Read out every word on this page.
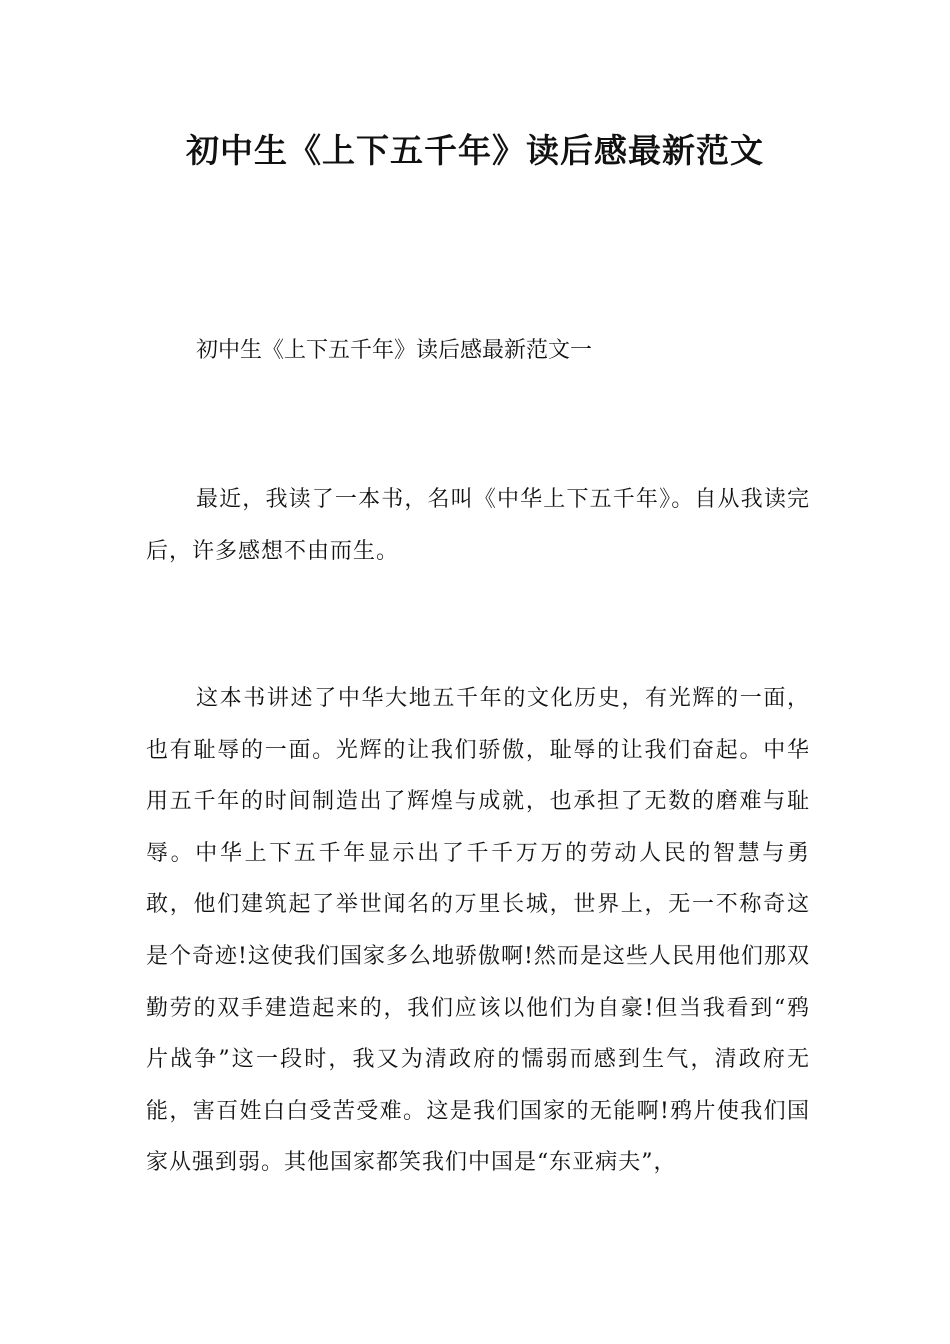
初中生《上下五千年》读后感最新范文

初中生《上下五千年》读后感最新范文一

最近，我读了一本书，名叫《中华上下五千年》。自从我读完后，许多感想不由而生。

这本书讲述了中华大地五千年的文化历史，有光辉的一面，也有耻辱的一面。光辉的让我们骄傲，耻辱的让我们奋起。中华用五千年的时间制造出了辉煌与成就，也承担了无数的磨难与耻辱。中华上下五千年显示出了千千万万的劳动人民的智慧与勇敢，他们建筑起了举世闻名的万里长城，世界上，无一不称奇这是个奇迹!这使我们国家多么地骄傲啊!然而是这些人民用他们那双勤劳的双手建造起来的，我们应该以他们为自豪!但当我看到“鸦片战争”这一段时，我又为清政府的懦弱而感到生气，清政府无能，害百姓白白受苦受难。这是我们国家的无能啊!鸦片使我们国家从强到弱。其他国家都笑我们中国是“东亚病夫”，
